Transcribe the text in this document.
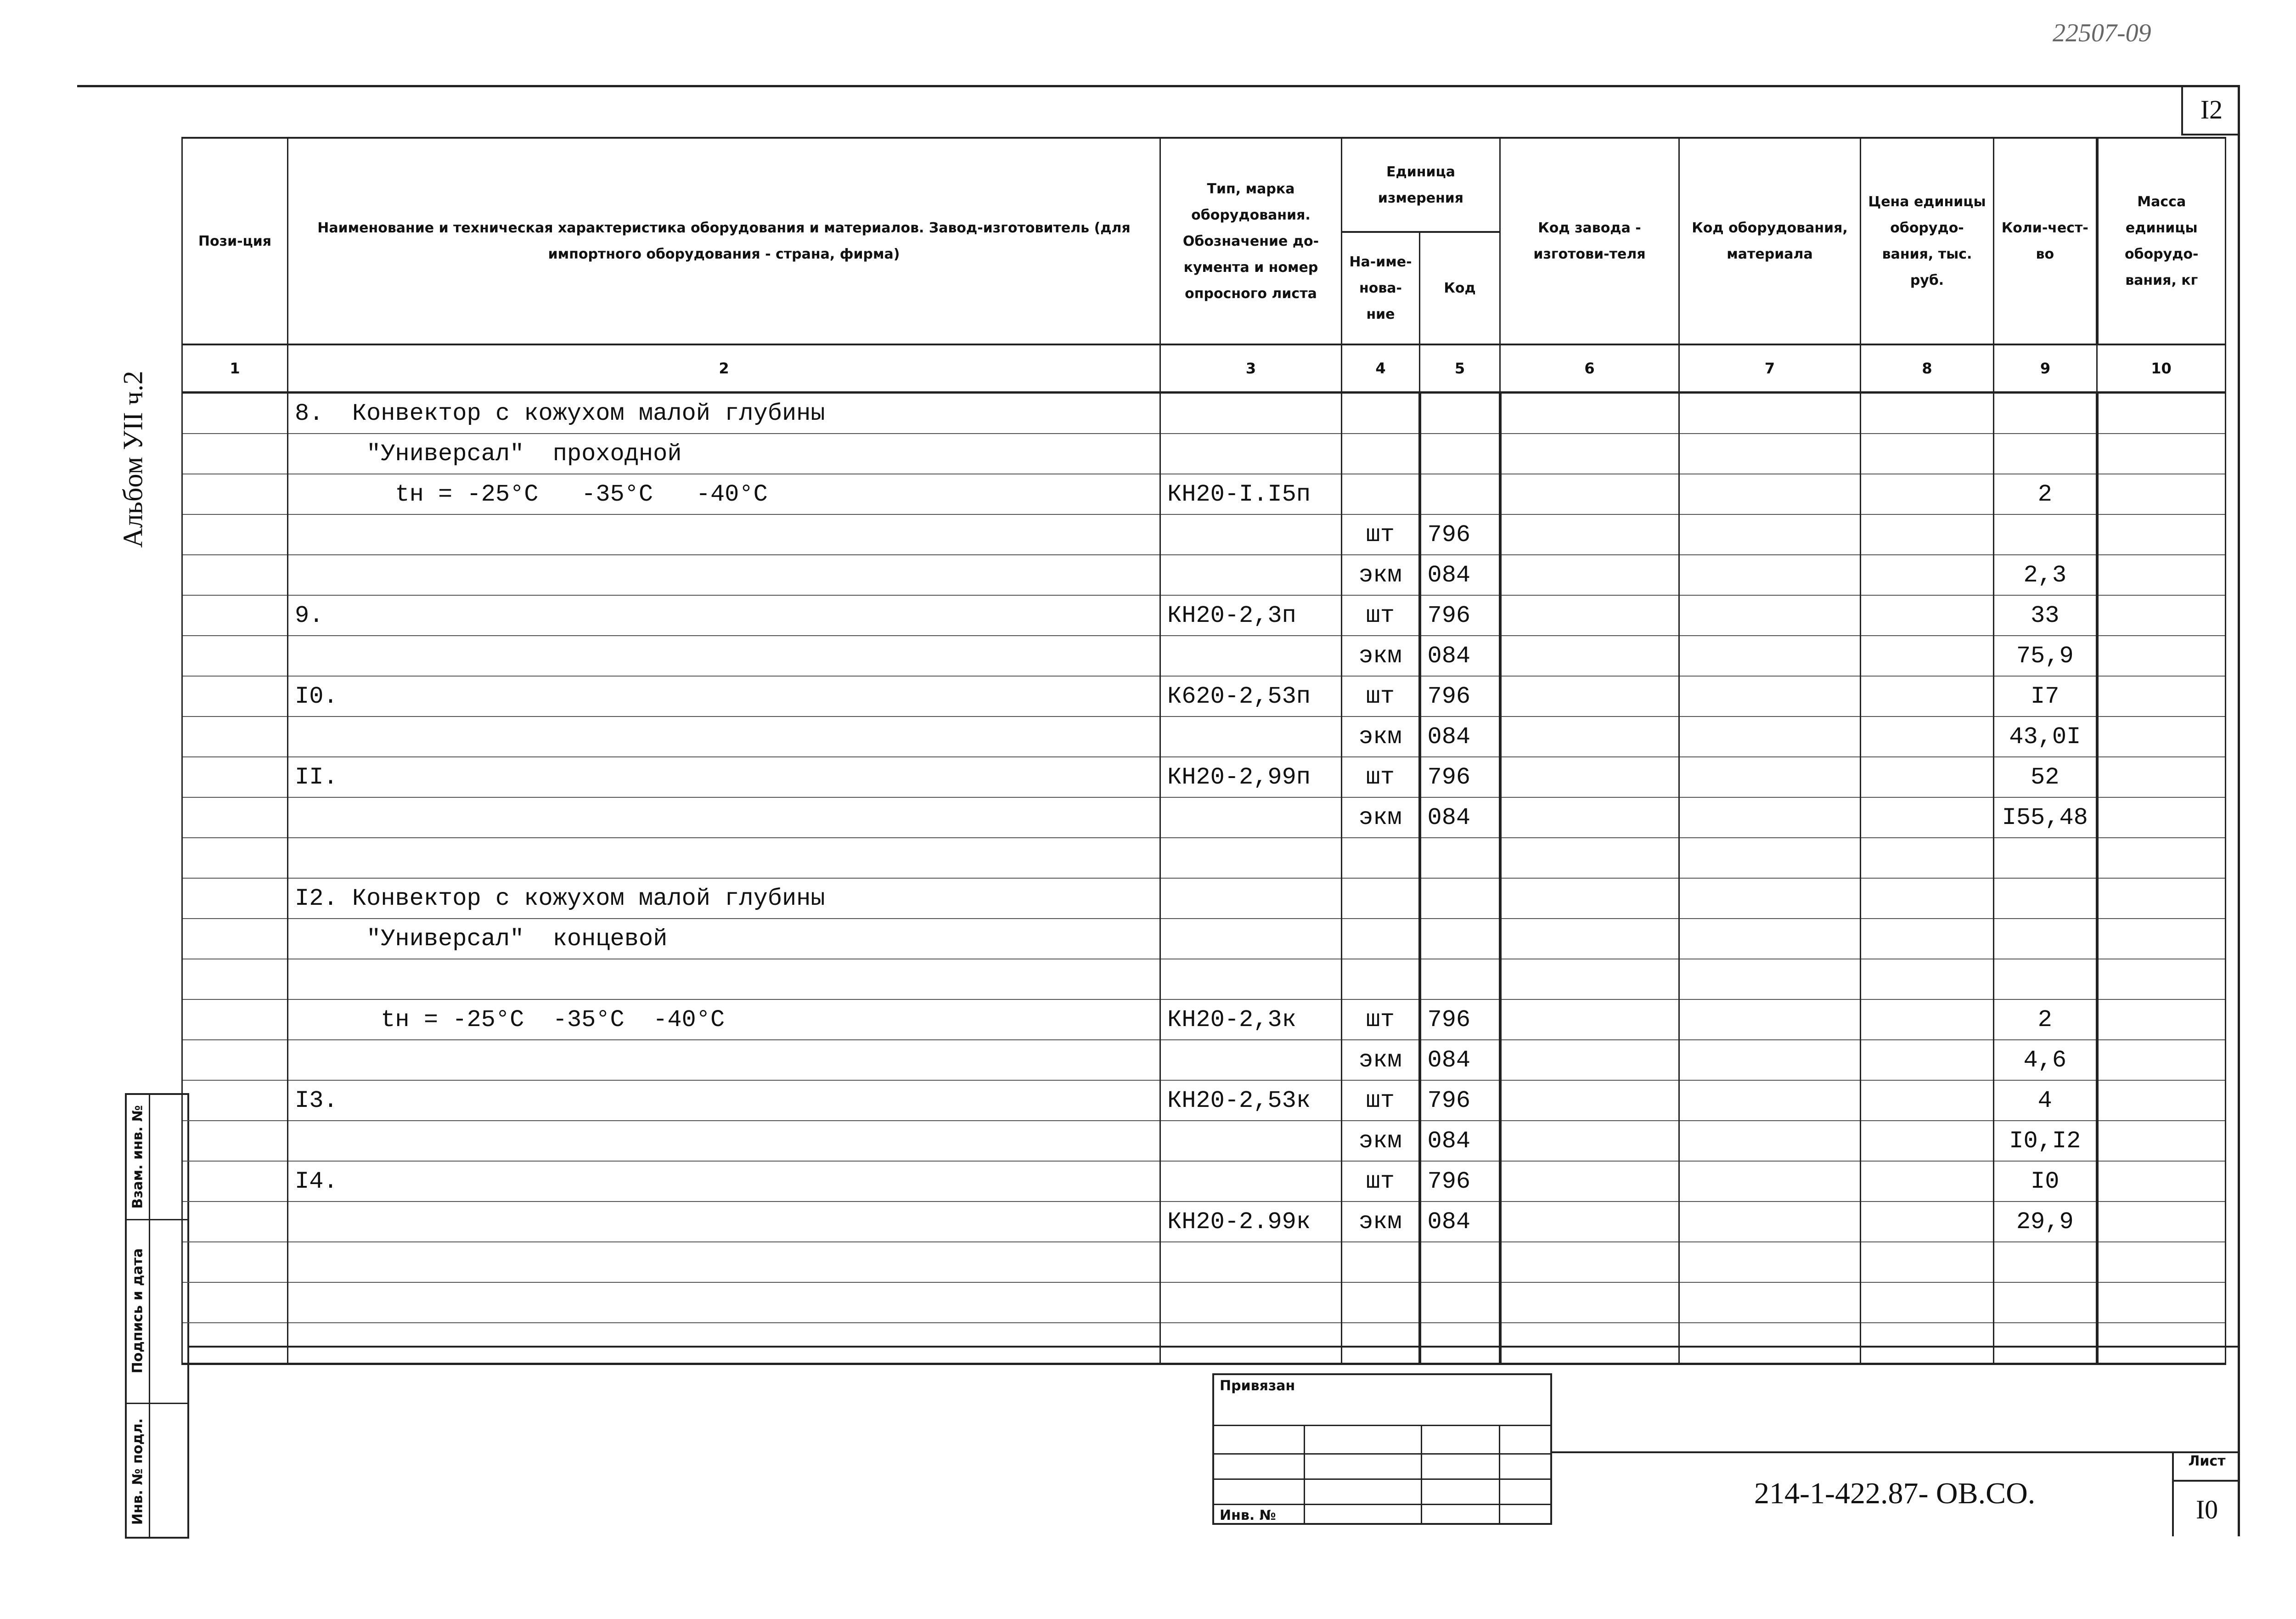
22507-09
I2
Альбом УII ч.2
Взам. инв. №
Подпись и дата
Инв. № подл.
Пози-ция	Наименование и техническая характеристика оборудования и материалов. Завод-изготовитель (для импортного оборудования - страна, фирма)	Тип, марка оборудования. Обозначение до-кумента и номер опросного листа	Единица измерения		Код завода - изготови-теля	Код оборудования, материала	Цена единицы оборудо-вания, тыс. руб.	Коли-чест-во	Масса единицы оборудо-вания, кг
			На-име-нова-ние	Код					
1	2	3	4	5	6	7	8	9	10
	8.  Конвектор с кожухом малой глубины								
	"Универсал"  проходной								
	tн = -25°C   -35°C   -40°C	КН20-I.I5п						2	
			шт	796					
			экм	084				2,3	
	9.	КН20-2,3п	шт	796				33	
			экм	084				75,9	
	I0.	К620-2,53п	шт	796				I7	
			экм	084				43,0I	
	II.	КН20-2,99п	шт	796				52	
			экм	084				I55,48	

	I2. Конвектор с кожухом малой глубины								
	"Универсал"  концевой								

	tн = -25°C  -35°C  -40°C	КН20-2,3к	шт	796				2	
			экм	084				4,6	
	I3.	КН20-2,53к	шт	796				4	
			экм	084				I0,I2	
	I4.		шт	796				I0	
		КН20-2.99к	экм	084				29,9	

Привязан
Инв. №
214-1-422.87- ОВ.СО.
Лист
I0
